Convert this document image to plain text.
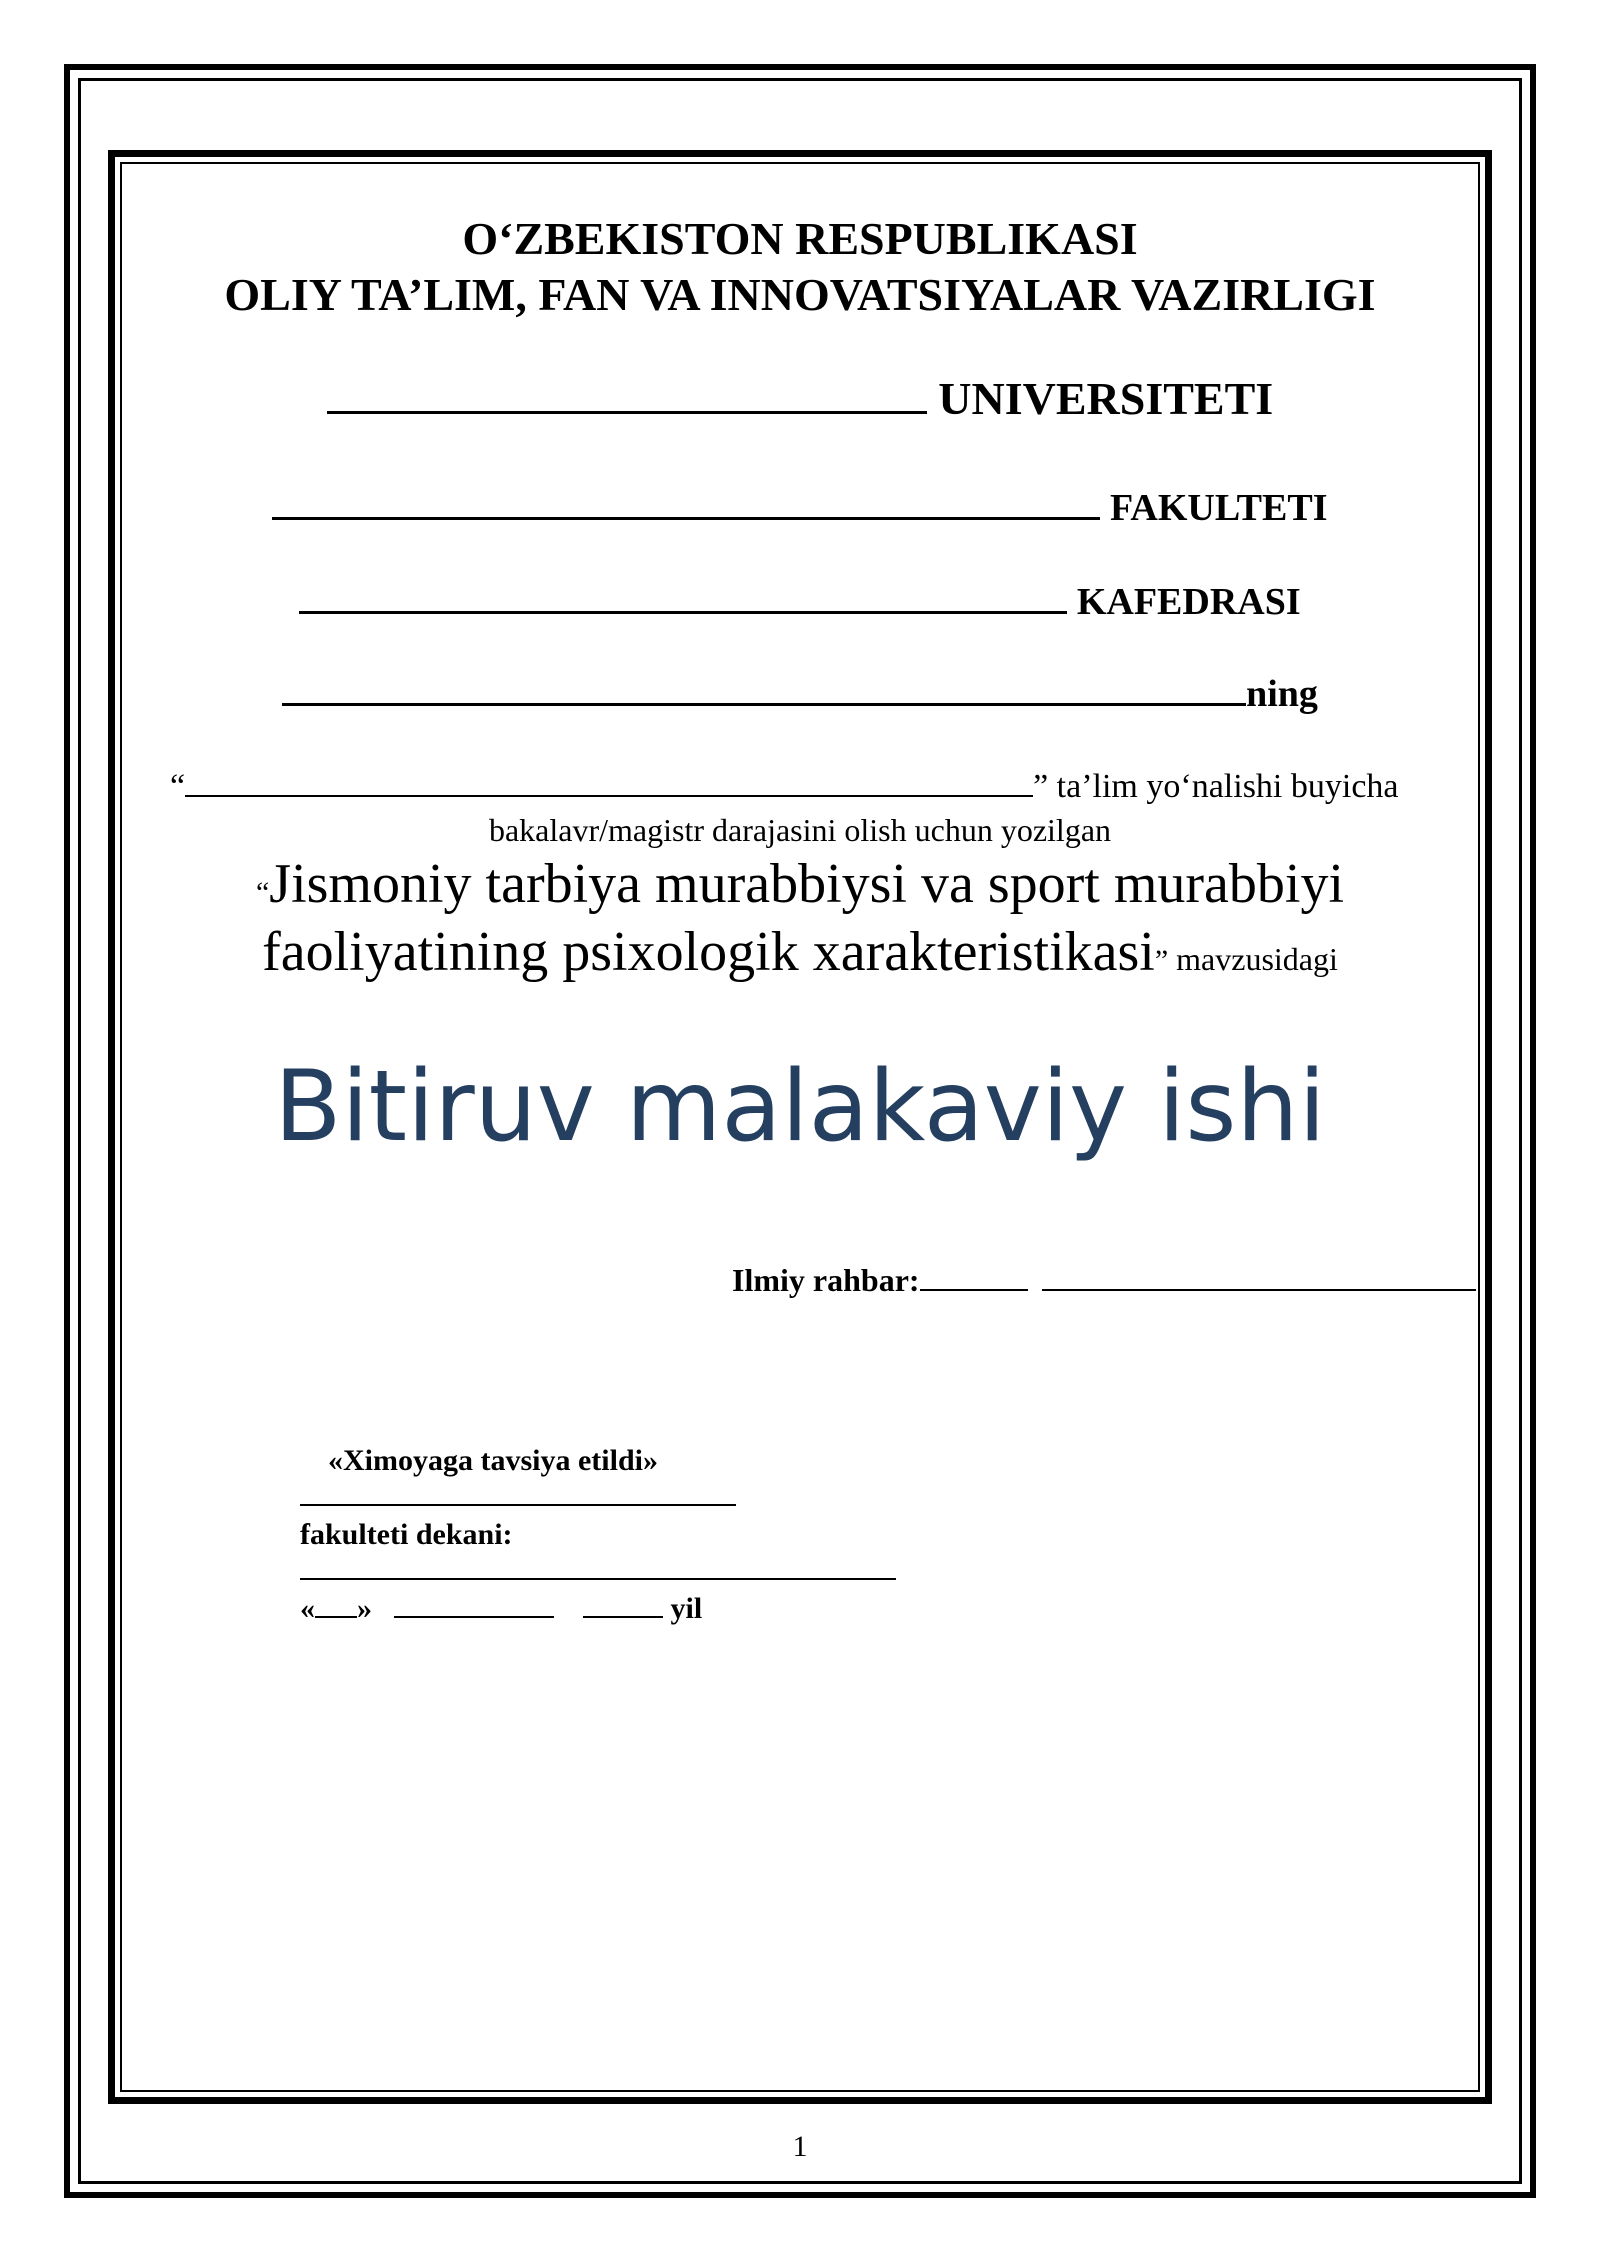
O‘ZBEKISTON RESPUBLIKASI
OLIY TA’LIM, FAN VA INNOVATSIYALAR VAZIRLIGI
UNIVERSITETI
FAKULTETI
KAFEDRASI
ning
“	” ta’lim yo‘nalishi buyicha
bakalavr/magistr darajasini olish uchun yozilgan
“Jismoniy tarbiya murabbiysi va sport murabbiyi
faoliyatining psixologik xarakteristikasi” mavzusidagi
Bitiruv malakaviy ishi
Ilmiy rahbar:
«Ximoyaga tavsiya etildi»
fakulteti dekani:
« »	yil
1
